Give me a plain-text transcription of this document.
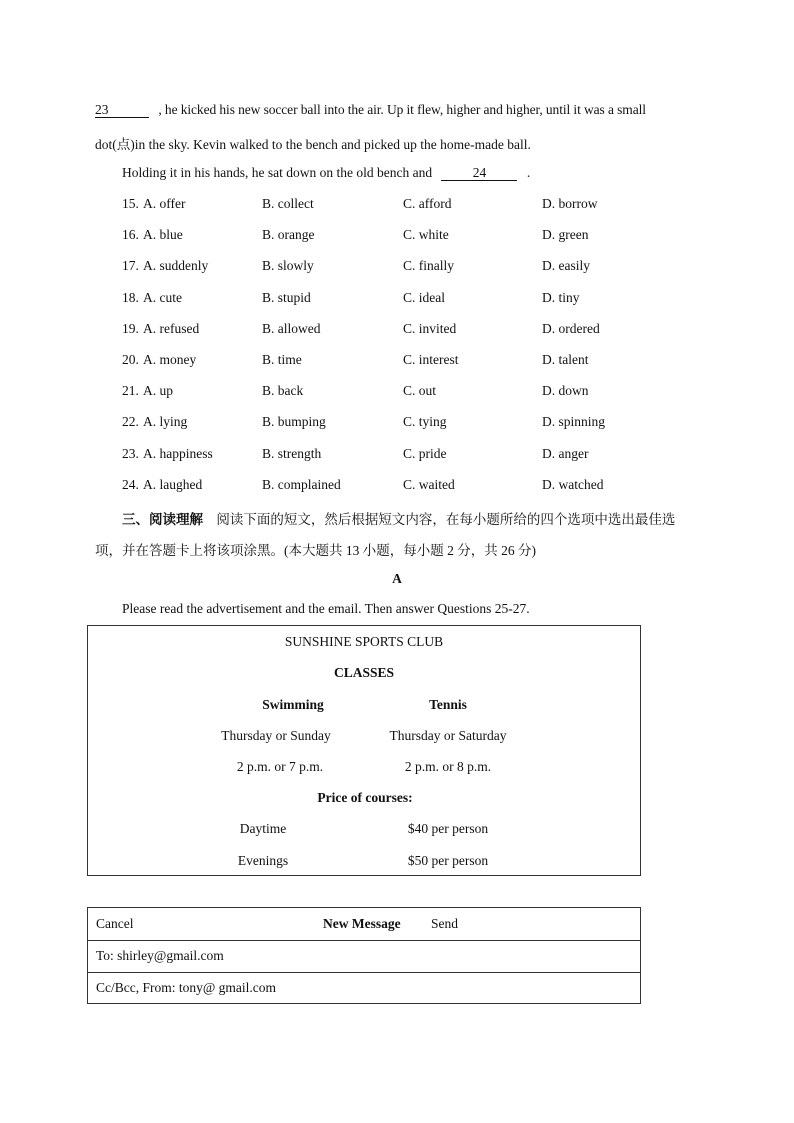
23	, he kicked his new soccer ball into the air. Up it flew, higher and higher, until it was a small
dot(点)in the sky. Kevin walked to the bench and picked up the home-made ball.
Holding it in his hands, he sat down on the old bench and	24	.
15. A. offer	B. collect	C. afford	D. borrow
16. A. blue	B. orange	C. white	D. green
17. A. suddenly	B. slowly	C. finally	D. easily
18. A. cute	B. stupid	C. ideal	D. tiny
19. A. refused	B. allowed	C. invited	D. ordered
20. A. money	B. time	C. interest	D. talent
21. A. up	B. back	C. out	D. down
22. A. lying	B. bumping	C. tying	D. spinning
23. A. happiness	B. strength	C. pride	D. anger
24. A. laughed	B. complained	C. waited	D. watched
三、阅读理解 阅读下面的短文，然后根据短文内容，在每小题所给的四个选项中选出最佳选
项，并在答题卡上将该项涂黑。(本大题共 13 小题，每小题 2 分，共 26 分)
A
Please read the advertisement and the email. Then answer Questions 25-27.
SUNSHINE SPORTS CLUB
CLASSES
Swimming	Tennis
Thursday or Sunday	Thursday or Saturday
2 p.m. or 7 p.m.	2 p.m. or 8 p.m.
Price of courses:
Daytime	$40 per person
Evenings	$50 per person
Cancel	New Message Send
To: shirley@gmail.com
Cc/Bcc, From: tony@ gmail.com
